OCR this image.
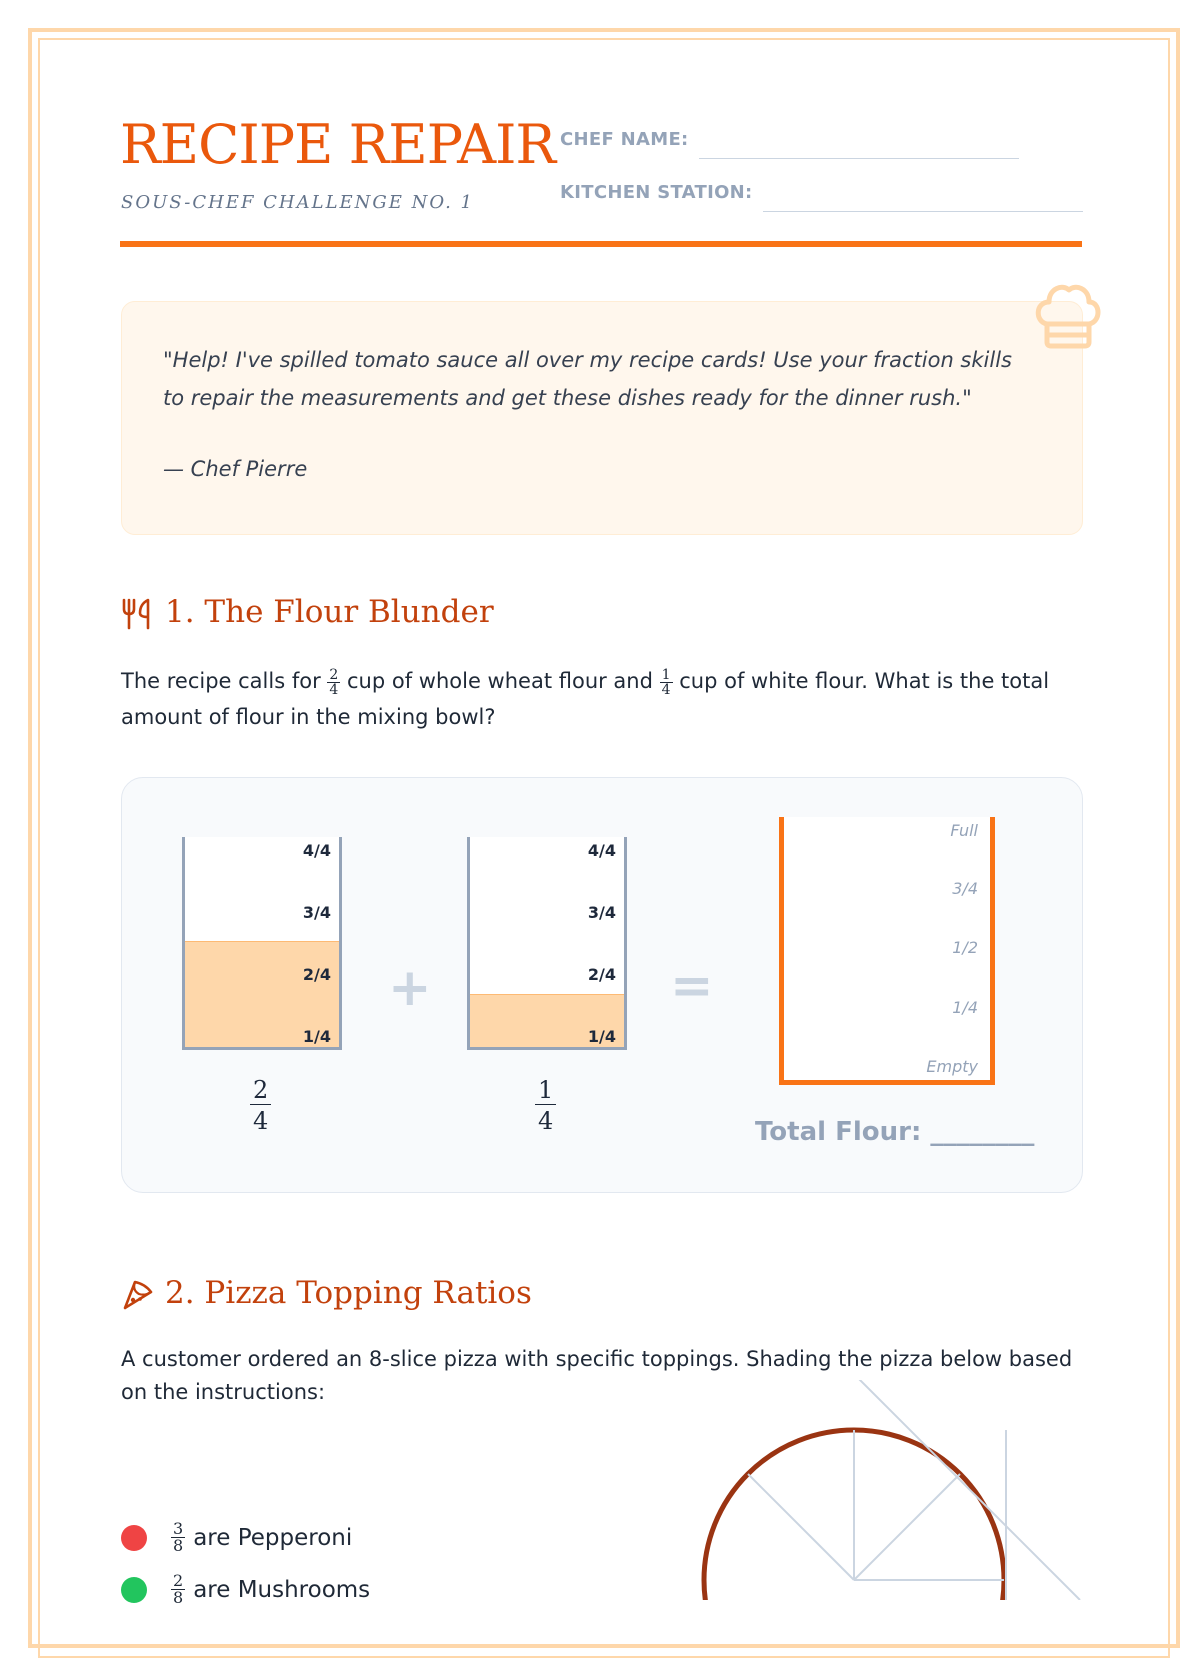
RECIPE REPAIR
SOUS-CHEF CHALLENGE NO. 1
CHEF NAME:
KITCHEN STATION:
"Help! I've spilled tomato sauce all over my recipe cards! Use your fraction skills to repair the measurements and get these dishes ready for the dinner rush."
— Chef Pierre
1. The Flour Blunder
The recipe calls for $\frac{2}{4}$ cup of whole wheat flour and $\frac{1}{4}$ cup of white flour. What is the total amount of flour in the mixing bowl?
4/4
3/4
2/4
1/4
$\frac{2}{4}$
+
4/4
3/4
2/4
1/4
$\frac{1}{4}$
=
Full
3/4
1/2
1/4
Empty
Total Flour: ________
2. Pizza Topping Ratios
A customer ordered an 8-slice pizza with specific toppings. Shading the pizza below based on the instructions:
$\frac{3}{8}$ are Pepperoni
$\frac{2}{8}$ are Mushrooms
